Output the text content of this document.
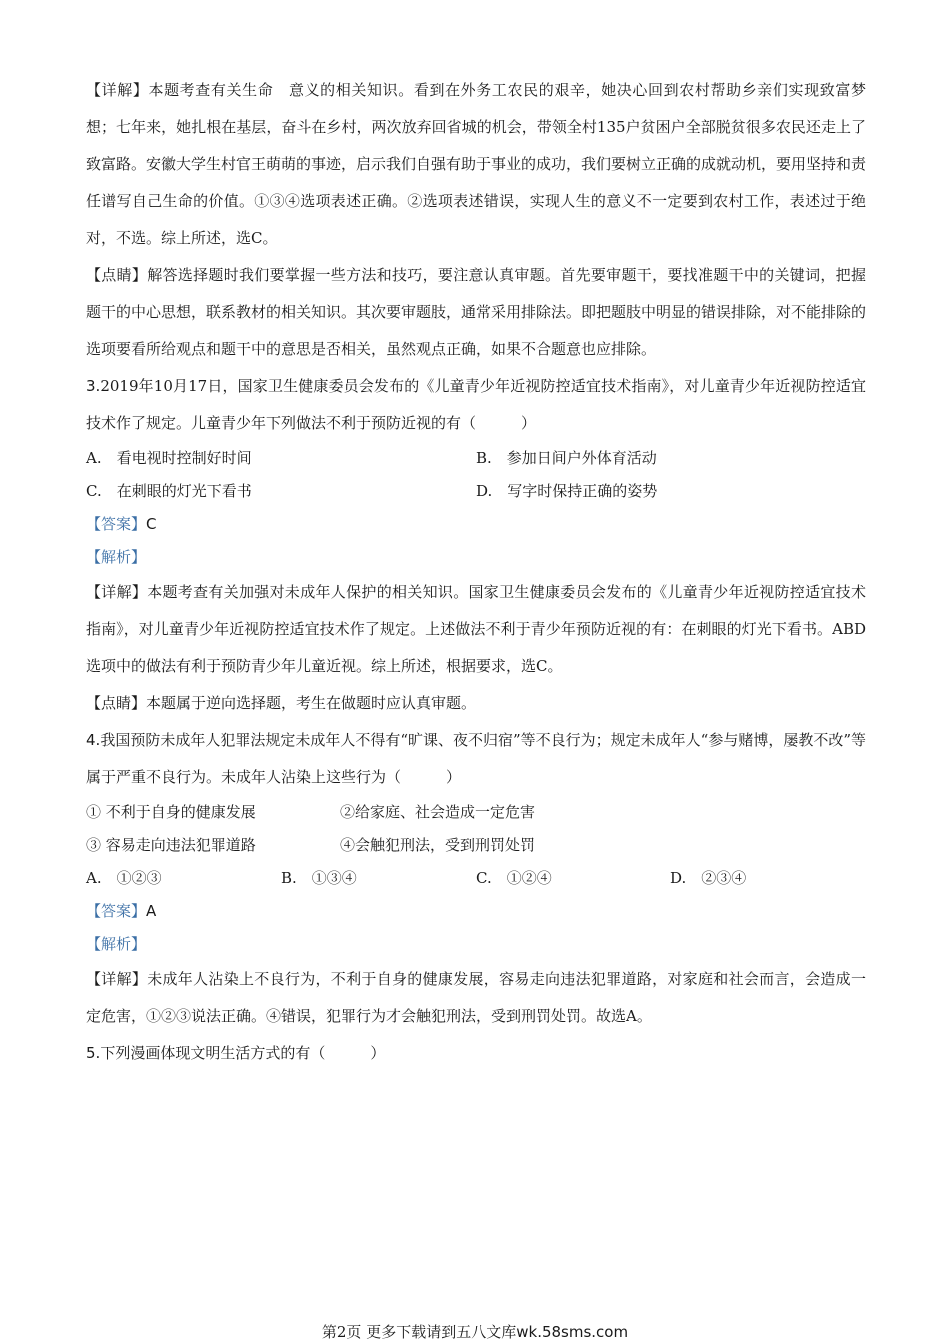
【详解】本题考查有关生命　意义的相关知识。看到在外务工农民的艰辛，她决心回到农村帮助乡亲们实现致富梦想；七年来，她扎根在基层，奋斗在乡村，两次放弃回省城的机会，带领全村135户贫困户全部脱贫很多农民还走上了致富路。安徽大学生村官王萌萌的事迹，启示我们自强有助于事业的成功，我们要树立正确的成就动机，要用坚持和责任谱写自己生命的价值。①③④选项表述正确。②选项表述错误，实现人生的意义不一定要到农村工作，表述过于绝对，不选。综上所述，选C。

【点睛】解答选择题时我们要掌握一些方法和技巧，要注意认真审题。首先要审题干，要找准题干中的关键词，把握题干的中心思想，联系教材的相关知识。其次要审题肢，通常采用排除法。即把题肢中明显的错误排除，对不能排除的选项要看所给观点和题干中的意思是否相关，虽然观点正确，如果不合题意也应排除。

3.2019年10月17日，国家卫生健康委员会发布的《儿童青少年近视防控适宜技术指南》，对儿童青少年近视防控适宜技术作了规定。儿童青少年下列做法不利于预防近视的有（　　　）

A.　看电视时控制好时间	B.　参加日间户外体育活动
C.　在刺眼的灯光下看书	D.　写字时保持正确的姿势
【答案】C
【解析】

【详解】本题考查有关加强对未成年人保护的相关知识。国家卫生健康委员会发布的《儿童青少年近视防控适宜技术指南》，对儿童青少年近视防控适宜技术作了规定。上述做法不利于青少年预防近视的有：在刺眼的灯光下看书。ABD选项中的做法有利于预防青少年儿童近视。综上所述，根据要求，选C。

【点睛】本题属于逆向选择题，考生在做题时应认真审题。

4.我国预防未成年人犯罪法规定未成年人不得有“旷课、夜不归宿”等不良行为；规定未成年人“参与赌博，屡教不改”等属于严重不良行为。未成年人沾染上这些行为（　　　）

① 不利于自身的健康发展	②给家庭、社会造成一定危害
③ 容易走向违法犯罪道路	④会触犯刑法，受到刑罚处罚
A.　①②③	B.　①③④	C.　①②④	D.　②③④
【答案】A
【解析】

【详解】未成年人沾染上不良行为，不利于自身的健康发展，容易走向违法犯罪道路，对家庭和社会而言，会造成一定危害，①②③说法正确。④错误，犯罪行为才会触犯刑法，受到刑罚处罚。故选A。

5.下列漫画体现文明生活方式的有（　　　）

第2页 更多下载请到五八文库wk.58sms.com
